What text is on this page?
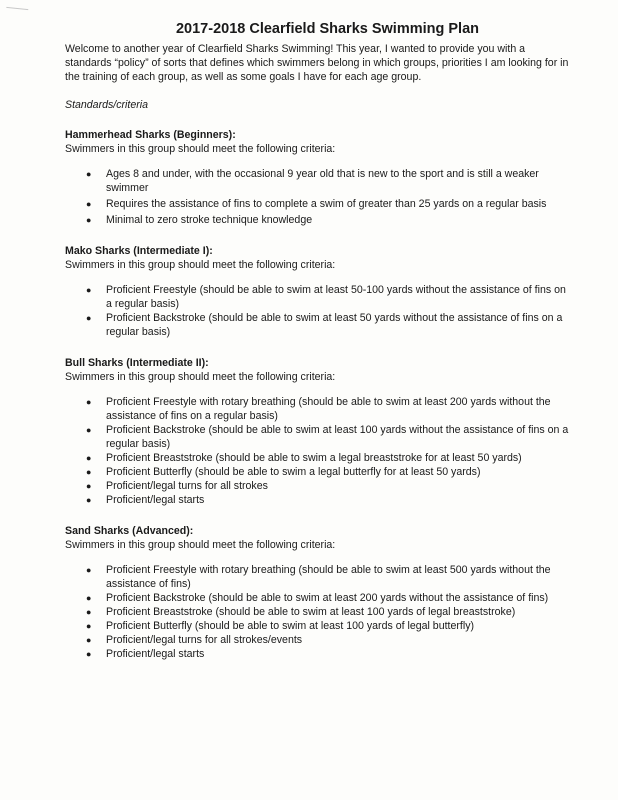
2017-2018 Clearfield Sharks Swimming Plan

Welcome to another year of Clearfield Sharks Swimming! This year, I wanted to provide you with a standards “policy” of sorts that defines which swimmers belong in which groups, priorities I am looking for in the training of each group, as well as some goals I have for each age group.

Standards/criteria

Hammerhead Sharks (Beginners):

Swimmers in this group should meet the following criteria:

● Ages 8 and under, with the occasional 9 year old that is new to the sport and is still a weaker swimmer
● Requires the assistance of fins to complete a swim of greater than 25 yards on a regular basis
● Minimal to zero stroke technique knowledge

Mako Sharks (Intermediate I):

Swimmers in this group should meet the following criteria:

● Proficient Freestyle (should be able to swim at least 50-100 yards without the assistance of fins on a regular basis)
● Proficient Backstroke (should be able to swim at least 50 yards without the assistance of fins on a regular basis)

Bull Sharks (Intermediate II):

Swimmers in this group should meet the following criteria:

● Proficient Freestyle with rotary breathing (should be able to swim at least 200 yards without the assistance of fins on a regular basis)
● Proficient Backstroke (should be able to swim at least 100 yards without the assistance of fins on a regular basis)
● Proficient Breaststroke (should be able to swim a legal breaststroke for at least 50 yards)
● Proficient Butterfly (should be able to swim a legal butterfly for at least 50 yards)
● Proficient/legal turns for all strokes
● Proficient/legal starts

Sand Sharks (Advanced):

Swimmers in this group should meet the following criteria:

● Proficient Freestyle with rotary breathing (should be able to swim at least 500 yards without the assistance of fins)
● Proficient Backstroke (should be able to swim at least 200 yards without the assistance of fins)
● Proficient Breaststroke (should be able to swim at least 100 yards of legal breaststroke)
● Proficient Butterfly (should be able to swim at least 100 yards of legal butterfly)
● Proficient/legal turns for all strokes/events
● Proficient/legal starts
